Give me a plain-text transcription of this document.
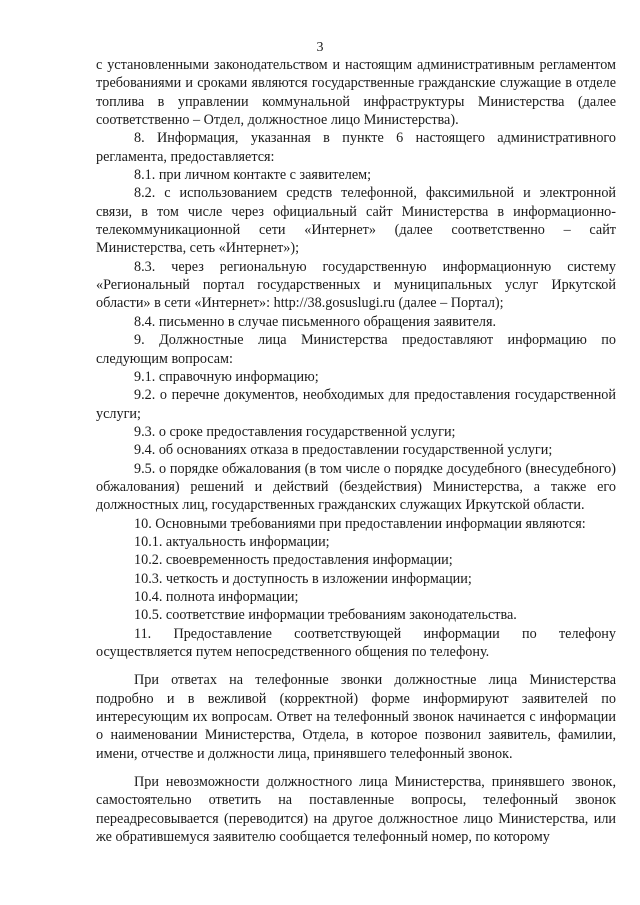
3

с установленными законодательством и настоящим административным регламентом требованиями и сроками являются государственные гражданские служащие в отделе топлива в управлении коммунальной инфраструктуры Министерства (далее соответственно – Отдел, должностное лицо Министерства).

8. Информация, указанная в пункте 6 настоящего административного регламента, предоставляется:

8.1. при личном контакте с заявителем;

8.2. с использованием средств телефонной, факсимильной и электронной связи, в том числе через официальный сайт Министерства в информационно-телекоммуникационной сети «Интернет» (далее соответственно – сайт Министерства, сеть «Интернет»);

8.3. через региональную государственную информационную систему «Региональный портал государственных и муниципальных услуг Иркутской области» в сети «Интернет»: http://38.gosuslugi.ru (далее – Портал);

8.4. письменно в случае письменного обращения заявителя.

9. Должностные лица Министерства предоставляют информацию по следующим вопросам:

9.1. справочную информацию;

9.2. о перечне документов, необходимых для предоставления государственной услуги;

9.3. о сроке предоставления государственной услуги;

9.4. об основаниях отказа в предоставлении государственной услуги;

9.5. о порядке обжалования (в том числе о порядке досудебного (внесудебного) обжалования) решений и действий (бездействия) Министерства, а также его должностных лиц, государственных гражданских служащих Иркутской области.

10. Основными требованиями при предоставлении информации являются:

10.1. актуальность информации;

10.2. своевременность предоставления информации;

10.3. четкость и доступность в изложении информации;

10.4. полнота информации;

10.5. соответствие информации требованиям законодательства.

11. Предоставление соответствующей информации по телефону осуществляется путем непосредственного общения по телефону.

При ответах на телефонные звонки должностные лица Министерства подробно и в вежливой (корректной) форме информируют заявителей по интересующим их вопросам. Ответ на телефонный звонок начинается с информации о наименовании Министерства, Отдела, в которое позвонил заявитель, фамилии, имени, отчестве и должности лица, принявшего телефонный звонок.

При невозможности должностного лица Министерства, принявшего звонок, самостоятельно ответить на поставленные вопросы, телефонный звонок переадресовывается (переводится) на другое должностное лицо Министерства, или же обратившемуся заявителю сообщается телефонный номер, по которому
